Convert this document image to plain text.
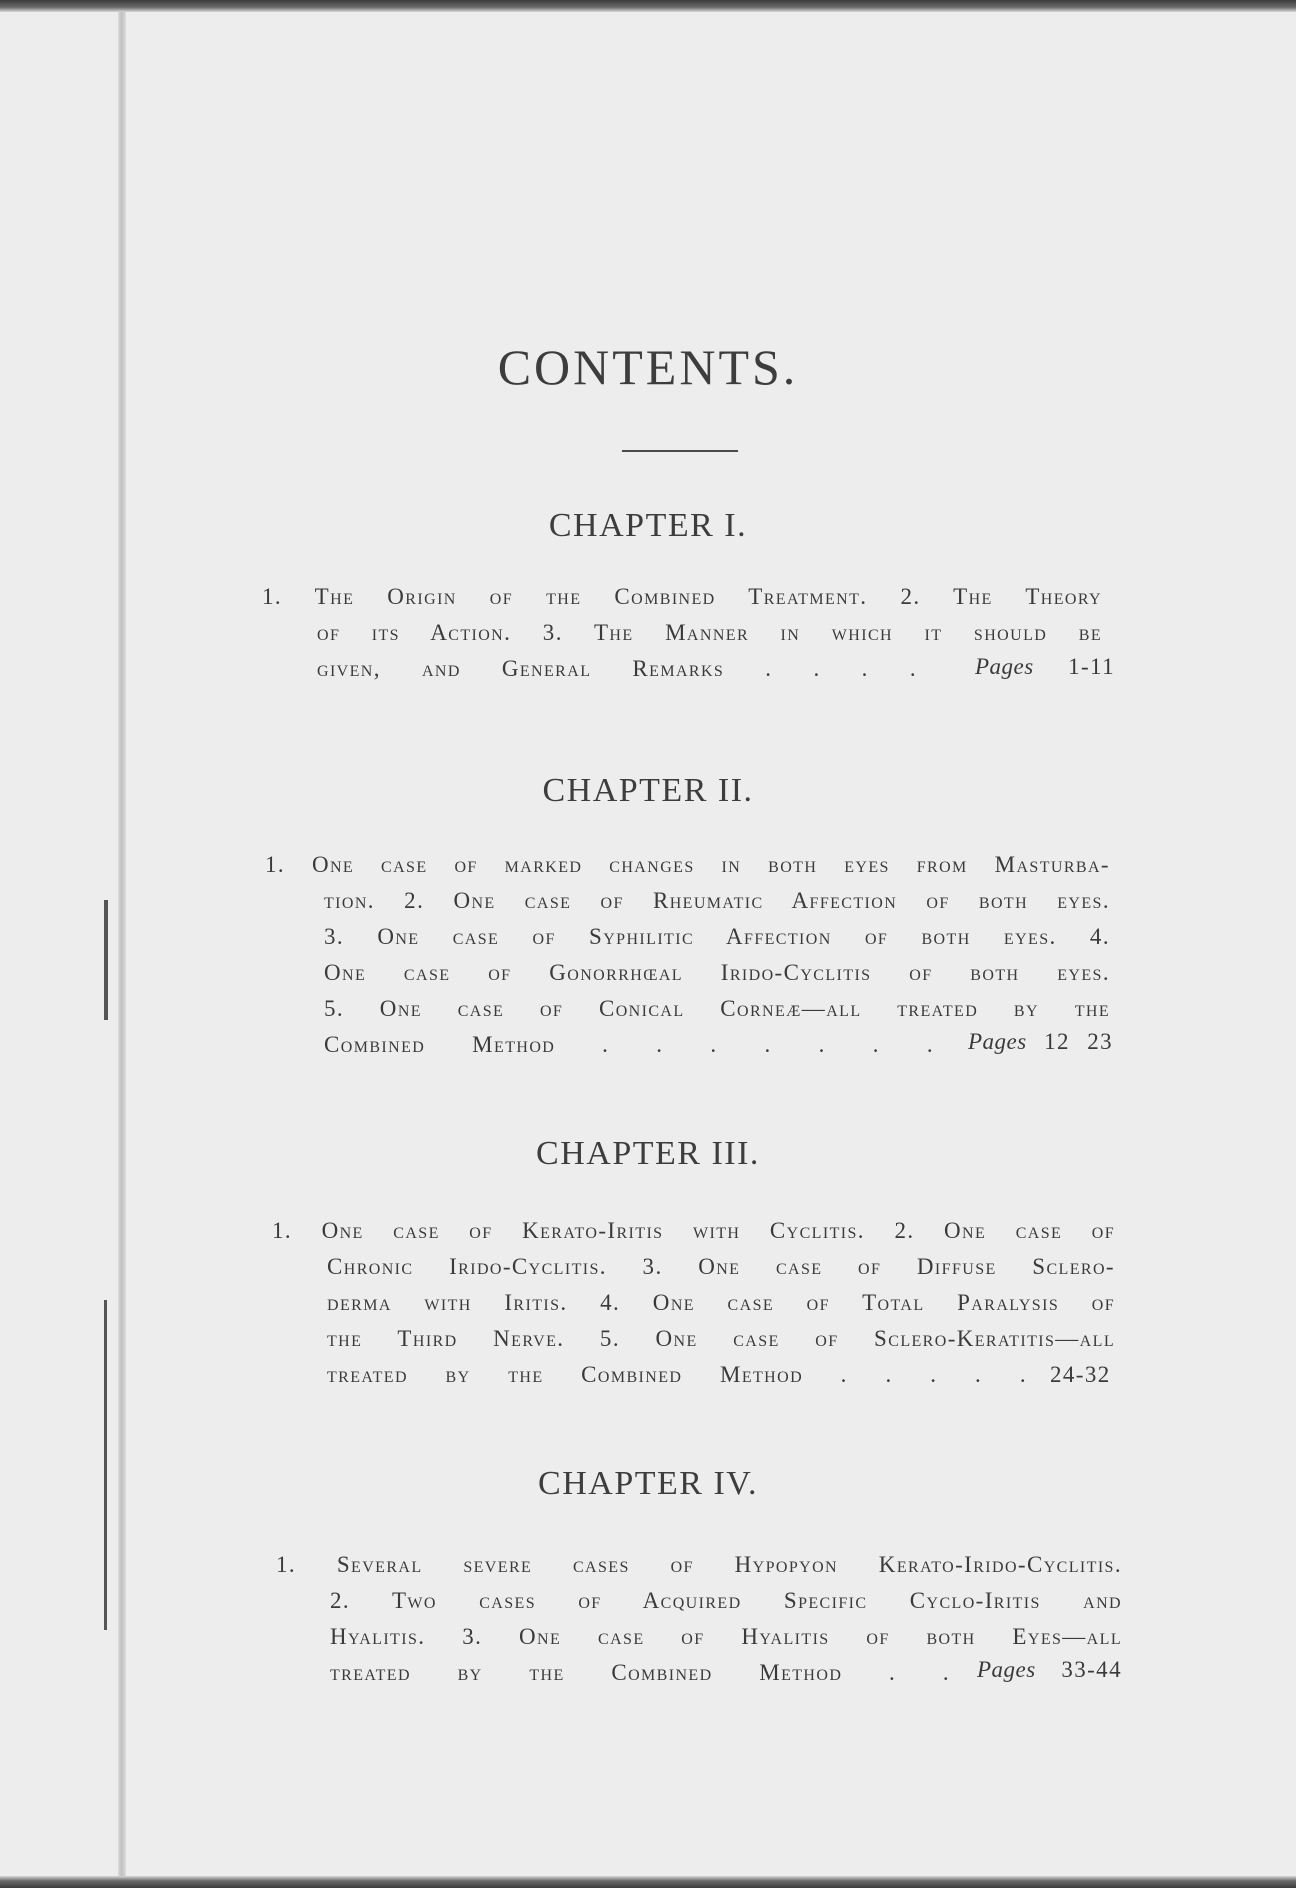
CONTENTS.
CHAPTER I.
1. The Origin of the Combined Treatment. 2. The Theory
of its Action. 3. The Manner in which it should be
given, and General Remarks . . . .	Pages 1-11
CHAPTER II.
1. One case of marked changes in both eyes from Masturba-
tion. 2. One case of Rheumatic Affection of both eyes.
3. One case of Syphilitic Affection of both eyes. 4.
One case of Gonorrhœal Irido-Cyclitis of both eyes.
5. One case of Conical Corneæ—all treated by the
Combined Method . . . . . . . Pages 12 23
CHAPTER III.
1. One case of Kerato-Iritis with Cyclitis. 2. One case of
Chronic Irido-Cyclitis. 3. One case of Diffuse Sclero-
derma with Iritis. 4. One case of Total Paralysis of
the Third Nerve. 5. One case of Sclero-Keratitis—all
treated by the Combined Method . . . . . 24-32
CHAPTER IV.
1. Several severe cases of Hypopyon Kerato-Irido-Cyclitis.
2. Two cases of Acquired Specific Cyclo-Iritis and
Hyalitis. 3. One case of Hyalitis of both Eyes—all
treated by the Combined Method . . Pages 33-44
